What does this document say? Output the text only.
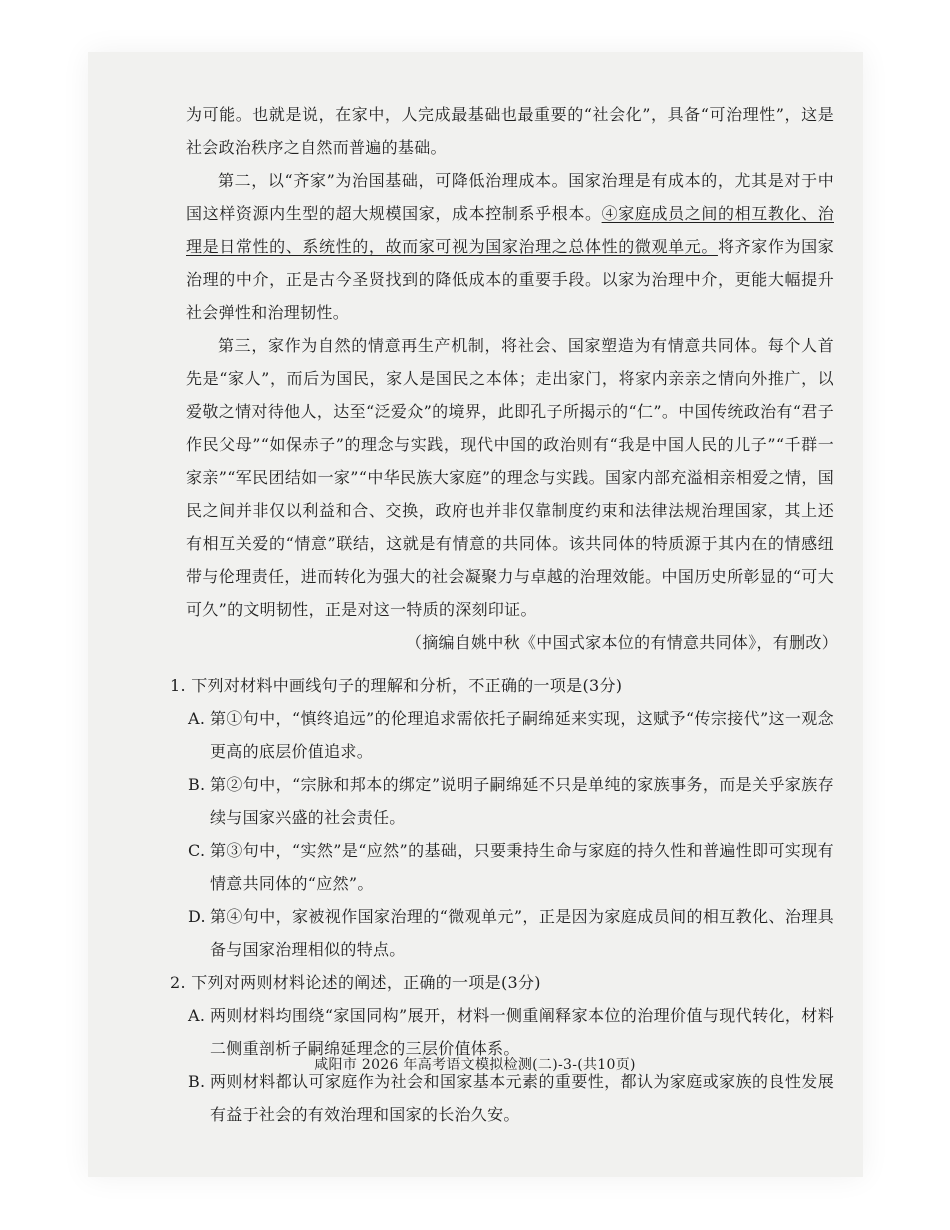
为可能。也就是说，在家中，人完成最基础也最重要的“社会化”，具备“可治理性”，这是社会政治秩序之自然而普遍的基础。

第二，以“齐家”为治国基础，可降低治理成本。国家治理是有成本的，尤其是对于中国这样资源内生型的超大规模国家，成本控制系乎根本。④家庭成员之间的相互教化、治理是日常性的、系统性的，故而家可视为国家治理之总体性的微观单元。将齐家作为国家治理的中介，正是古今圣贤找到的降低成本的重要手段。以家为治理中介，更能大幅提升社会弹性和治理韧性。

第三，家作为自然的情意再生产机制，将社会、国家塑造为有情意共同体。每个人首先是“家人”，而后为国民，家人是国民之本体；走出家门，将家内亲亲之情向外推广，以爱敬之情对待他人，达至“泛爱众”的境界，此即孔子所揭示的“仁”。中国传统政治有“君子作民父母”“如保赤子”的理念与实践，现代中国的政治则有“我是中国人民的儿子”“千群一家亲”“军民团结如一家”“中华民族大家庭”的理念与实践。国家内部充溢相亲相爱之情，国民之间并非仅以利益和合、交换，政府也并非仅靠制度约束和法律法规治理国家，其上还有相互关爱的“情意”联结，这就是有情意的共同体。该共同体的特质源于其内在的情感纽带与伦理责任，进而转化为强大的社会凝聚力与卓越的治理效能。中国历史所彰显的“可大可久”的文明韧性，正是对这一特质的深刻印证。

（摘编自姚中秋《中国式家本位的有情意共同体》，有删改）

1. 下列对材料中画线句子的理解和分析，不正确的一项是(3分)

A. 第①句中，“慎终追远”的伦理追求需依托子嗣绵延来实现，这赋予“传宗接代”这一观念更高的底层价值追求。
B. 第②句中，“宗脉和邦本的绑定”说明子嗣绵延不只是单纯的家族事务，而是关乎家族存续与国家兴盛的社会责任。
C. 第③句中，“实然”是“应然”的基础，只要秉持生命与家庭的持久性和普遍性即可实现有情意共同体的“应然”。
D. 第④句中，家被视作国家治理的“微观单元”，正是因为家庭成员间的相互教化、治理具备与国家治理相似的特点。

2. 下列对两则材料论述的阐述，正确的一项是(3分)

A. 两则材料均围绕“家国同构”展开，材料一侧重阐释家本位的治理价值与现代转化，材料二侧重剖析子嗣绵延理念的三层价值体系。
B. 两则材料都认可家庭作为社会和国家基本元素的重要性，都认为家庭或家族的良性发展有益于社会的有效治理和国家的长治久安。
咸阳市 2026 年高考语文模拟检测(二)-3-(共10页)
